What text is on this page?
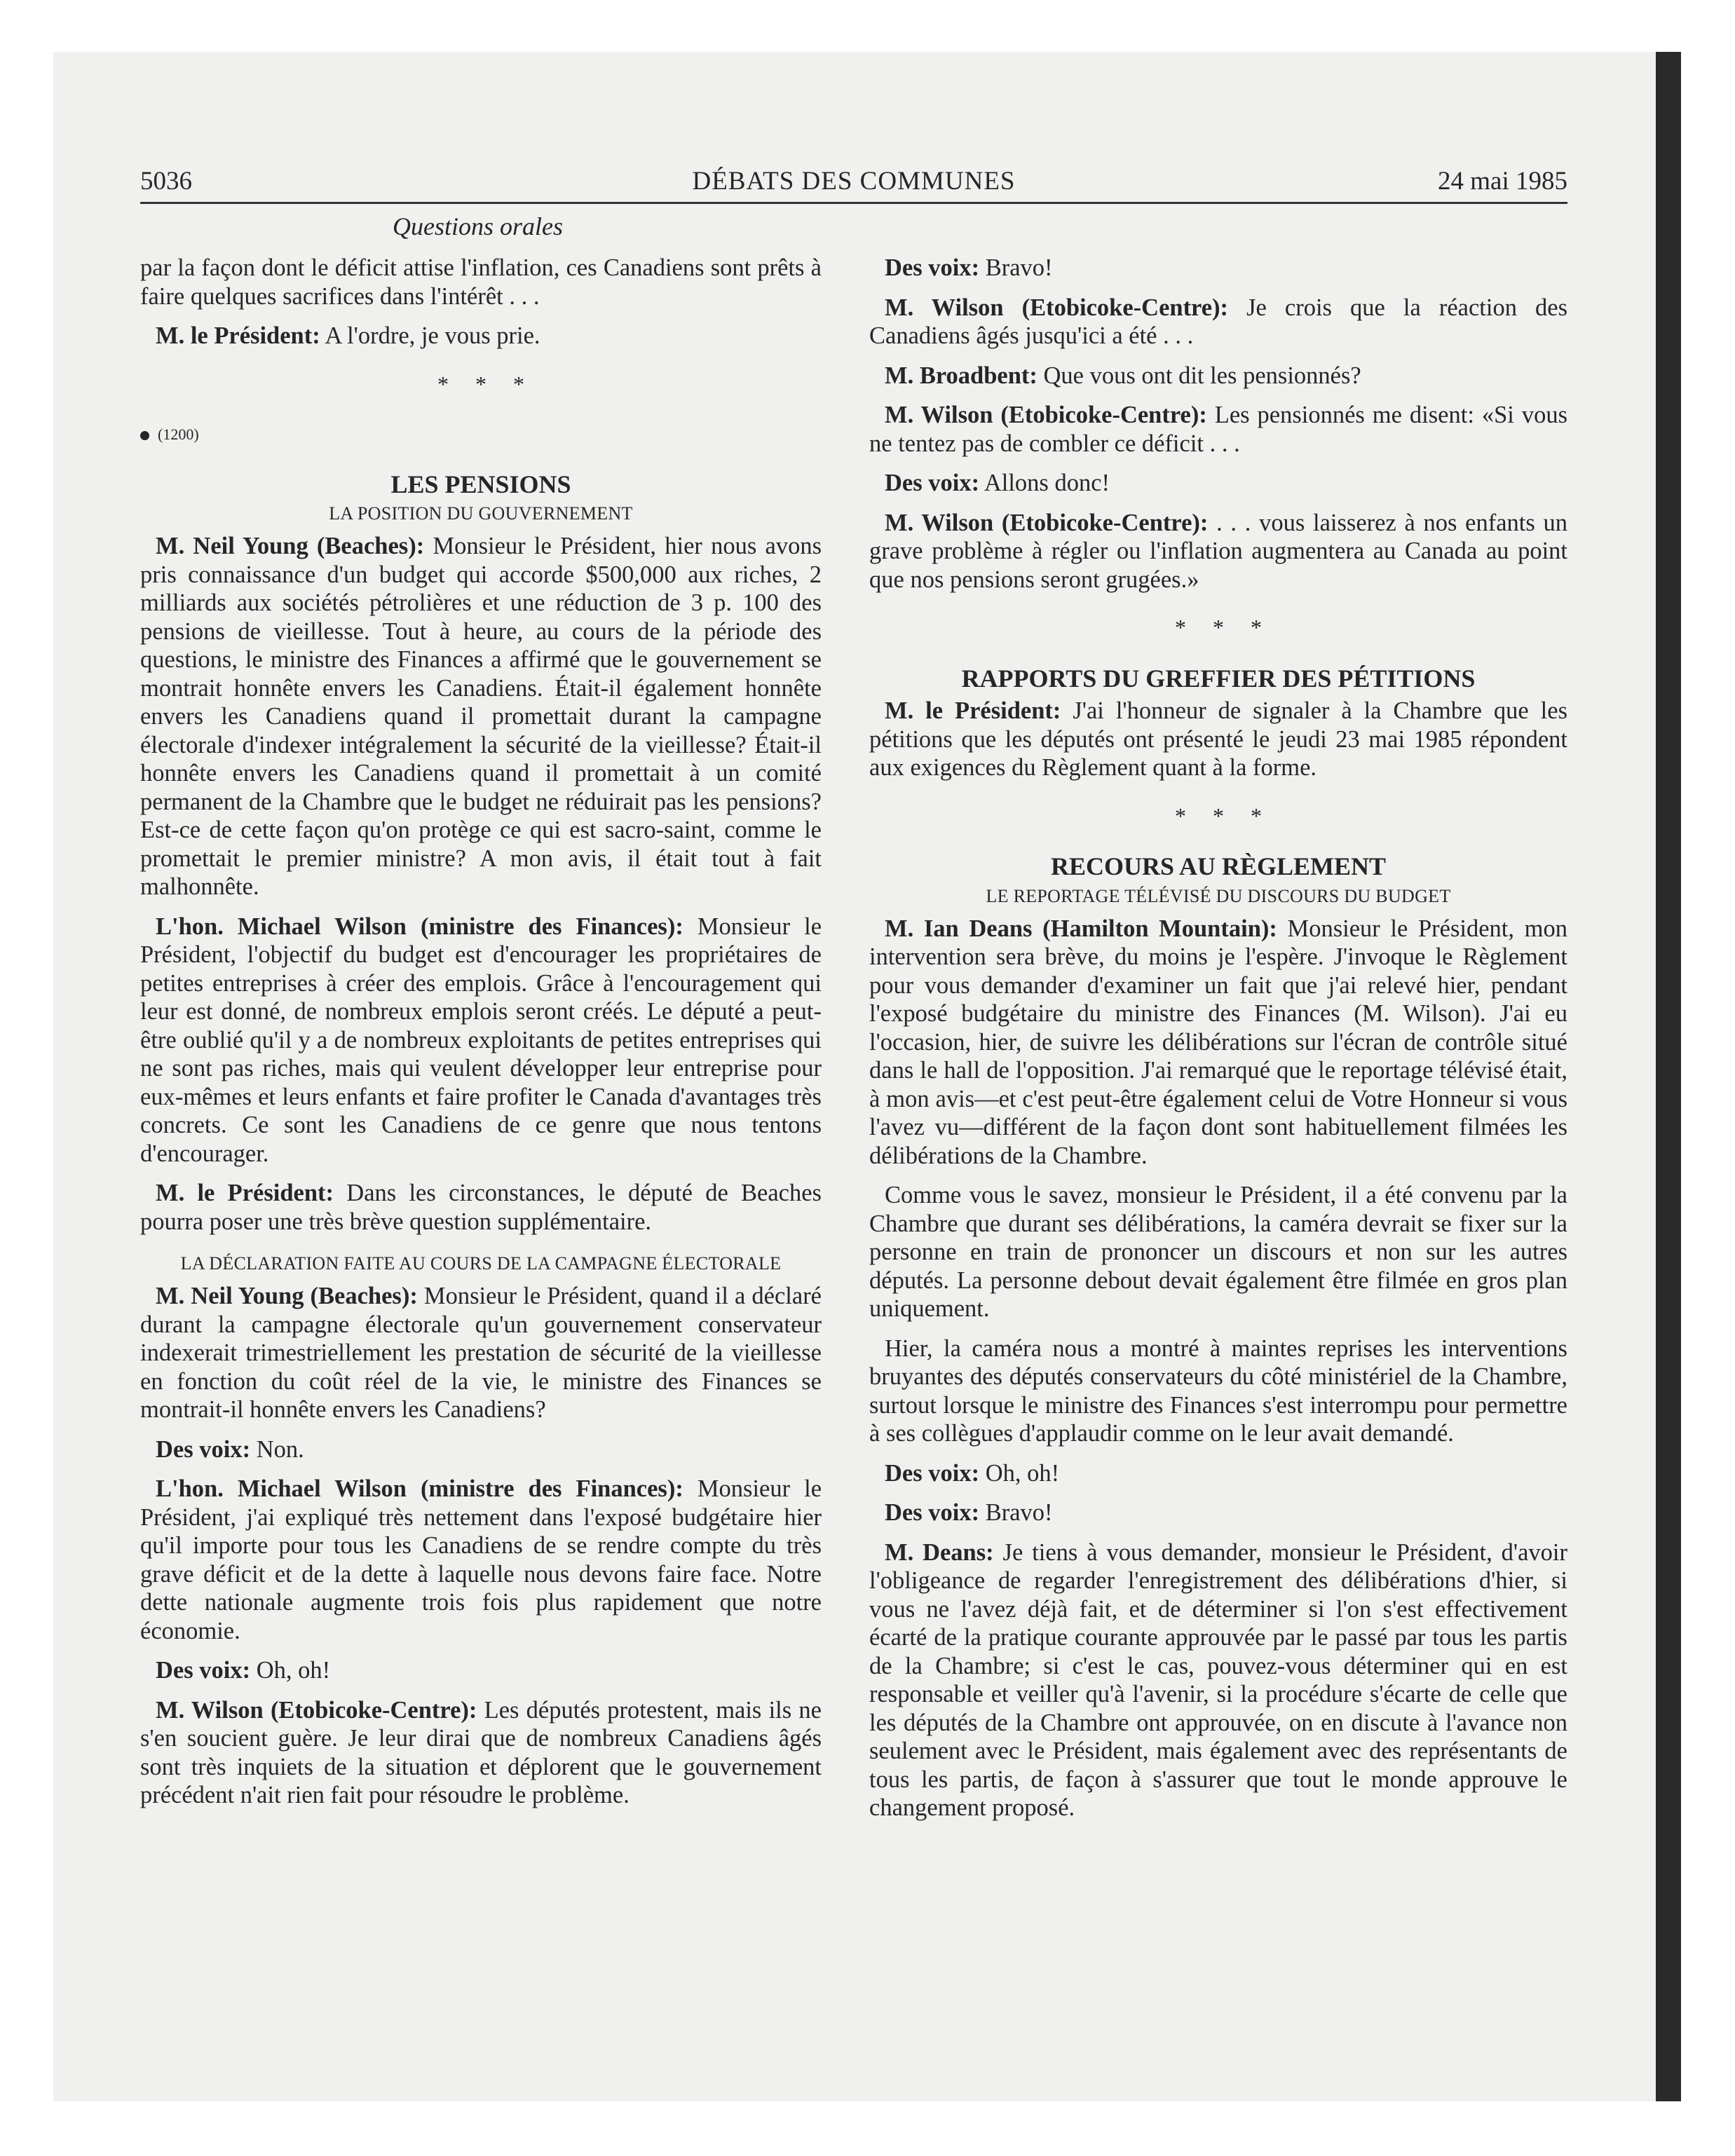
5036	DÉBATS DES COMMUNES	24 mai 1985
Questions orales

par la façon dont le déficit attise l'inflation, ces Canadiens sont prêts à faire quelques sacrifices dans l'intérêt . . .

M. le Président: A l'ordre, je vous prie.

* * *
(1200)
LES PENSIONS
LA POSITION DU GOUVERNEMENT

M. Neil Young (Beaches): Monsieur le Président, hier nous avons pris connaissance d'un budget qui accorde $500,000 aux riches, 2 milliards aux sociétés pétrolières et une réduction de 3 p. 100 des pensions de vieillesse. Tout à heure, au cours de la période des questions, le ministre des Finances a affirmé que le gouvernement se montrait honnête envers les Canadiens. Était-il également honnête envers les Canadiens quand il promettait durant la campagne électorale d'indexer intégralement la sécurité de la vieillesse? Était-il honnête envers les Canadiens quand il promettait à un comité permanent de la Chambre que le budget ne réduirait pas les pensions? Est-ce de cette façon qu'on protège ce qui est sacro-saint, comme le promettait le premier ministre? A mon avis, il était tout à fait malhonnête.

L'hon. Michael Wilson (ministre des Finances): Monsieur le Président, l'objectif du budget est d'encourager les propriétaires de petites entreprises à créer des emplois. Grâce à l'encouragement qui leur est donné, de nombreux emplois seront créés. Le député a peut-être oublié qu'il y a de nombreux exploitants de petites entreprises qui ne sont pas riches, mais qui veulent développer leur entreprise pour eux-mêmes et leurs enfants et faire profiter le Canada d'avantages très concrets. Ce sont les Canadiens de ce genre que nous tentons d'encourager.

M. le Président: Dans les circonstances, le député de Beaches pourra poser une très brève question supplémentaire.

LA DÉCLARATION FAITE AU COURS DE LA CAMPAGNE ÉLECTORALE

M. Neil Young (Beaches): Monsieur le Président, quand il a déclaré durant la campagne électorale qu'un gouvernement conservateur indexerait trimestriellement les prestation de sécurité de la vieillesse en fonction du coût réel de la vie, le ministre des Finances se montrait-il honnête envers les Canadiens?

Des voix: Non.

L'hon. Michael Wilson (ministre des Finances): Monsieur le Président, j'ai expliqué très nettement dans l'exposé budgétaire hier qu'il importe pour tous les Canadiens de se rendre compte du très grave déficit et de la dette à laquelle nous devons faire face. Notre dette nationale augmente trois fois plus rapidement que notre économie.

Des voix: Oh, oh!

M. Wilson (Etobicoke-Centre): Les députés protestent, mais ils ne s'en soucient guère. Je leur dirai que de nombreux Canadiens âgés sont très inquiets de la situation et déplorent que le gouvernement précédent n'ait rien fait pour résoudre le problème.

Des voix: Bravo!

M. Wilson (Etobicoke-Centre): Je crois que la réaction des Canadiens âgés jusqu'ici a été . . .

M. Broadbent: Que vous ont dit les pensionnés?

M. Wilson (Etobicoke-Centre): Les pensionnés me disent: «Si vous ne tentez pas de combler ce déficit . . .

Des voix: Allons donc!

M. Wilson (Etobicoke-Centre): . . . vous laisserez à nos enfants un grave problème à régler ou l'inflation augmentera au Canada au point que nos pensions seront grugées.»

* * *
RAPPORTS DU GREFFIER DES PÉTITIONS

M. le Président: J'ai l'honneur de signaler à la Chambre que les pétitions que les députés ont présenté le jeudi 23 mai 1985 répondent aux exigences du Règlement quant à la forme.

* * *
RECOURS AU RÈGLEMENT
LE REPORTAGE TÉLÉVISÉ DU DISCOURS DU BUDGET

M. Ian Deans (Hamilton Mountain): Monsieur le Président, mon intervention sera brève, du moins je l'espère. J'invoque le Règlement pour vous demander d'examiner un fait que j'ai relevé hier, pendant l'exposé budgétaire du ministre des Finances (M. Wilson). J'ai eu l'occasion, hier, de suivre les délibérations sur l'écran de contrôle situé dans le hall de l'opposition. J'ai remarqué que le reportage télévisé était, à mon avis—et c'est peut-être également celui de Votre Honneur si vous l'avez vu—différent de la façon dont sont habituellement filmées les délibérations de la Chambre.

Comme vous le savez, monsieur le Président, il a été convenu par la Chambre que durant ses délibérations, la caméra devrait se fixer sur la personne en train de prononcer un discours et non sur les autres députés. La personne debout devait également être filmée en gros plan uniquement.

Hier, la caméra nous a montré à maintes reprises les interventions bruyantes des députés conservateurs du côté ministériel de la Chambre, surtout lorsque le ministre des Finances s'est interrompu pour permettre à ses collègues d'applaudir comme on le leur avait demandé.

Des voix: Oh, oh!

Des voix: Bravo!

M. Deans: Je tiens à vous demander, monsieur le Président, d'avoir l'obligeance de regarder l'enregistrement des délibérations d'hier, si vous ne l'avez déjà fait, et de déterminer si l'on s'est effectivement écarté de la pratique courante approuvée par le passé par tous les partis de la Chambre; si c'est le cas, pouvez-vous déterminer qui en est responsable et veiller qu'à l'avenir, si la procédure s'écarte de celle que les députés de la Chambre ont approuvée, on en discute à l'avance non seulement avec le Président, mais également avec des représentants de tous les partis, de façon à s'assurer que tout le monde approuve le changement proposé.
